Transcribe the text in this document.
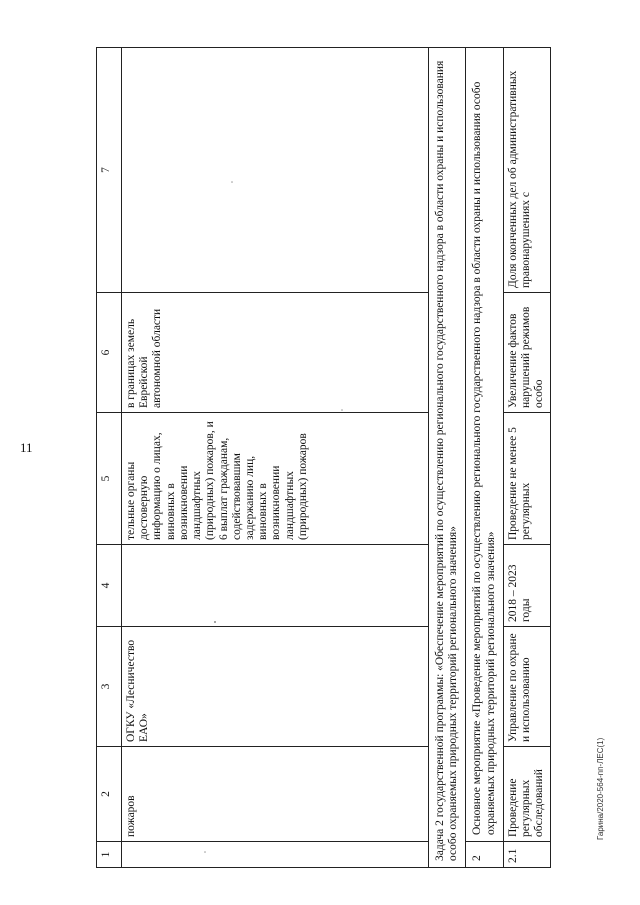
11
1	2	3	4	5	6	7
	пожаров	ОГКУ «Лесничество ЕАО»		тельные органы достоверную информацию о лицах, виновных в возникновении ландшафтных (природных) пожаров, и 6 выплат гражданам, содействовавшим задержанию лиц, виновных в возникновении ландшафтных (природных) пожаров	в границах земель Еврейской автономной области	
Задача 2 государственной программы: «Обеспечение мероприятий по осуществлению регионального государственного надзора в области охраны и использования особо охраняемых природных территорий регионального значения»						
2	Основное мероприятие «Проведение мероприятий по осуществлению регионального государственного надзора в области охраны и использования особо охраняемых природных территорий регионального значения»					
2.1	Проведение регулярных обследований	Управление по охране и использованию	2018 – 2023 годы	Проведение не менее 5 регулярных	Увеличение фактов нарушений режимов особо	Доля оконченных дел об административных правонарушениях с
Гарина/2020-564-пп-ЛЕС(1)
